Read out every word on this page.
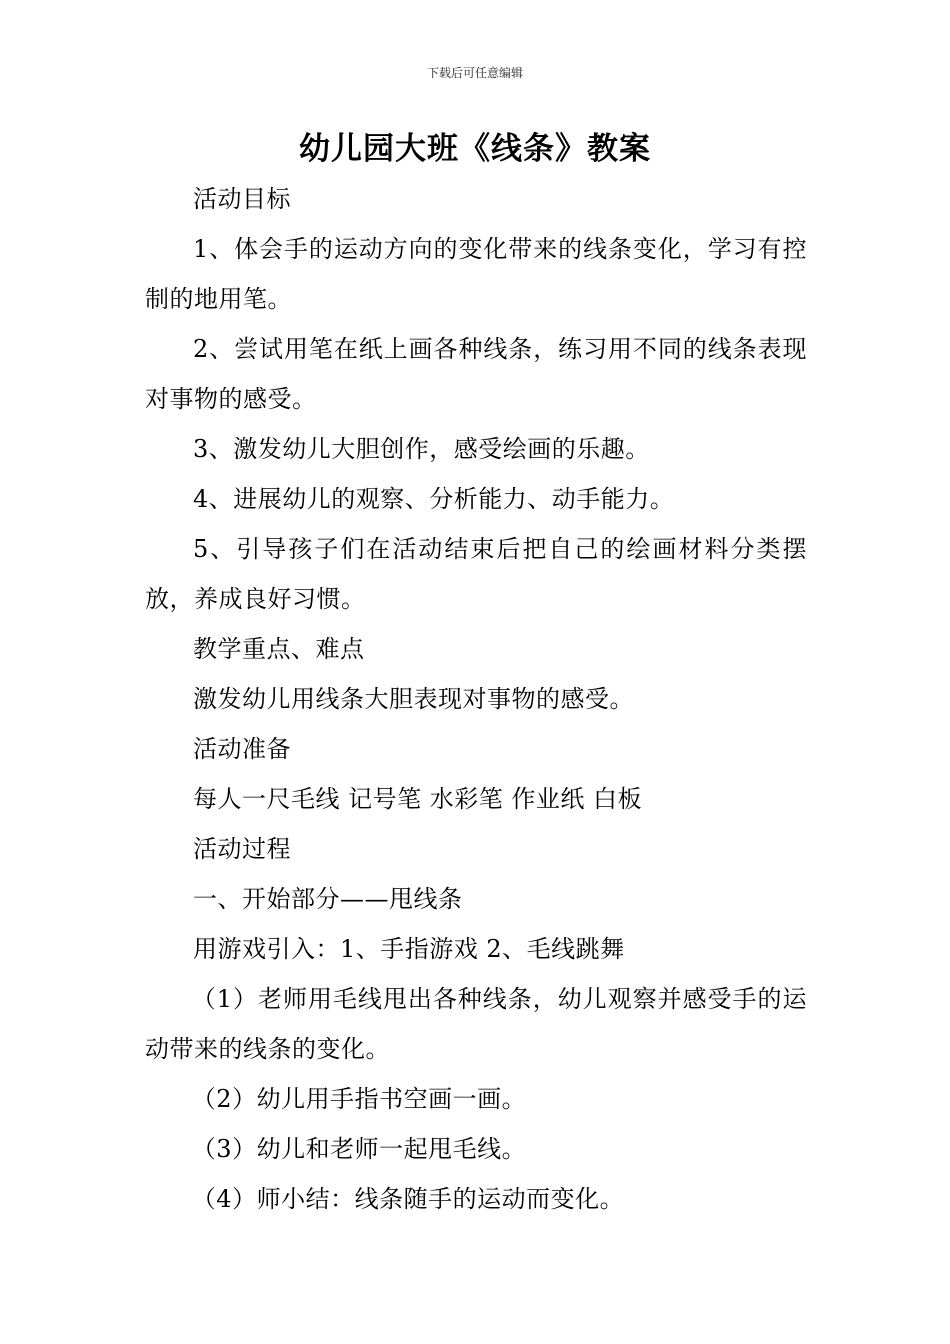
下载后可任意编辑
幼儿园大班《线条》教案

活动目标

1、体会手的运动方向的变化带来的线条变化，学习有控制的地用笔。

2、尝试用笔在纸上画各种线条，练习用不同的线条表现对事物的感受。

3、激发幼儿大胆创作，感受绘画的乐趣。

4、进展幼儿的观察、分析能力、动手能力。

5、引导孩子们在活动结束后把自己的绘画材料分类摆放，养成良好习惯。

教学重点、难点

激发幼儿用线条大胆表现对事物的感受。

活动准备

每人一尺毛线 记号笔 水彩笔 作业纸 白板

活动过程

一、开始部分——甩线条

用游戏引入：1、手指游戏 2、毛线跳舞

（1）老师用毛线甩出各种线条，幼儿观察并感受手的运动带来的线条的变化。

（2）幼儿用手指书空画一画。

（3）幼儿和老师一起甩毛线。

（4）师小结：线条随手的运动而变化。
